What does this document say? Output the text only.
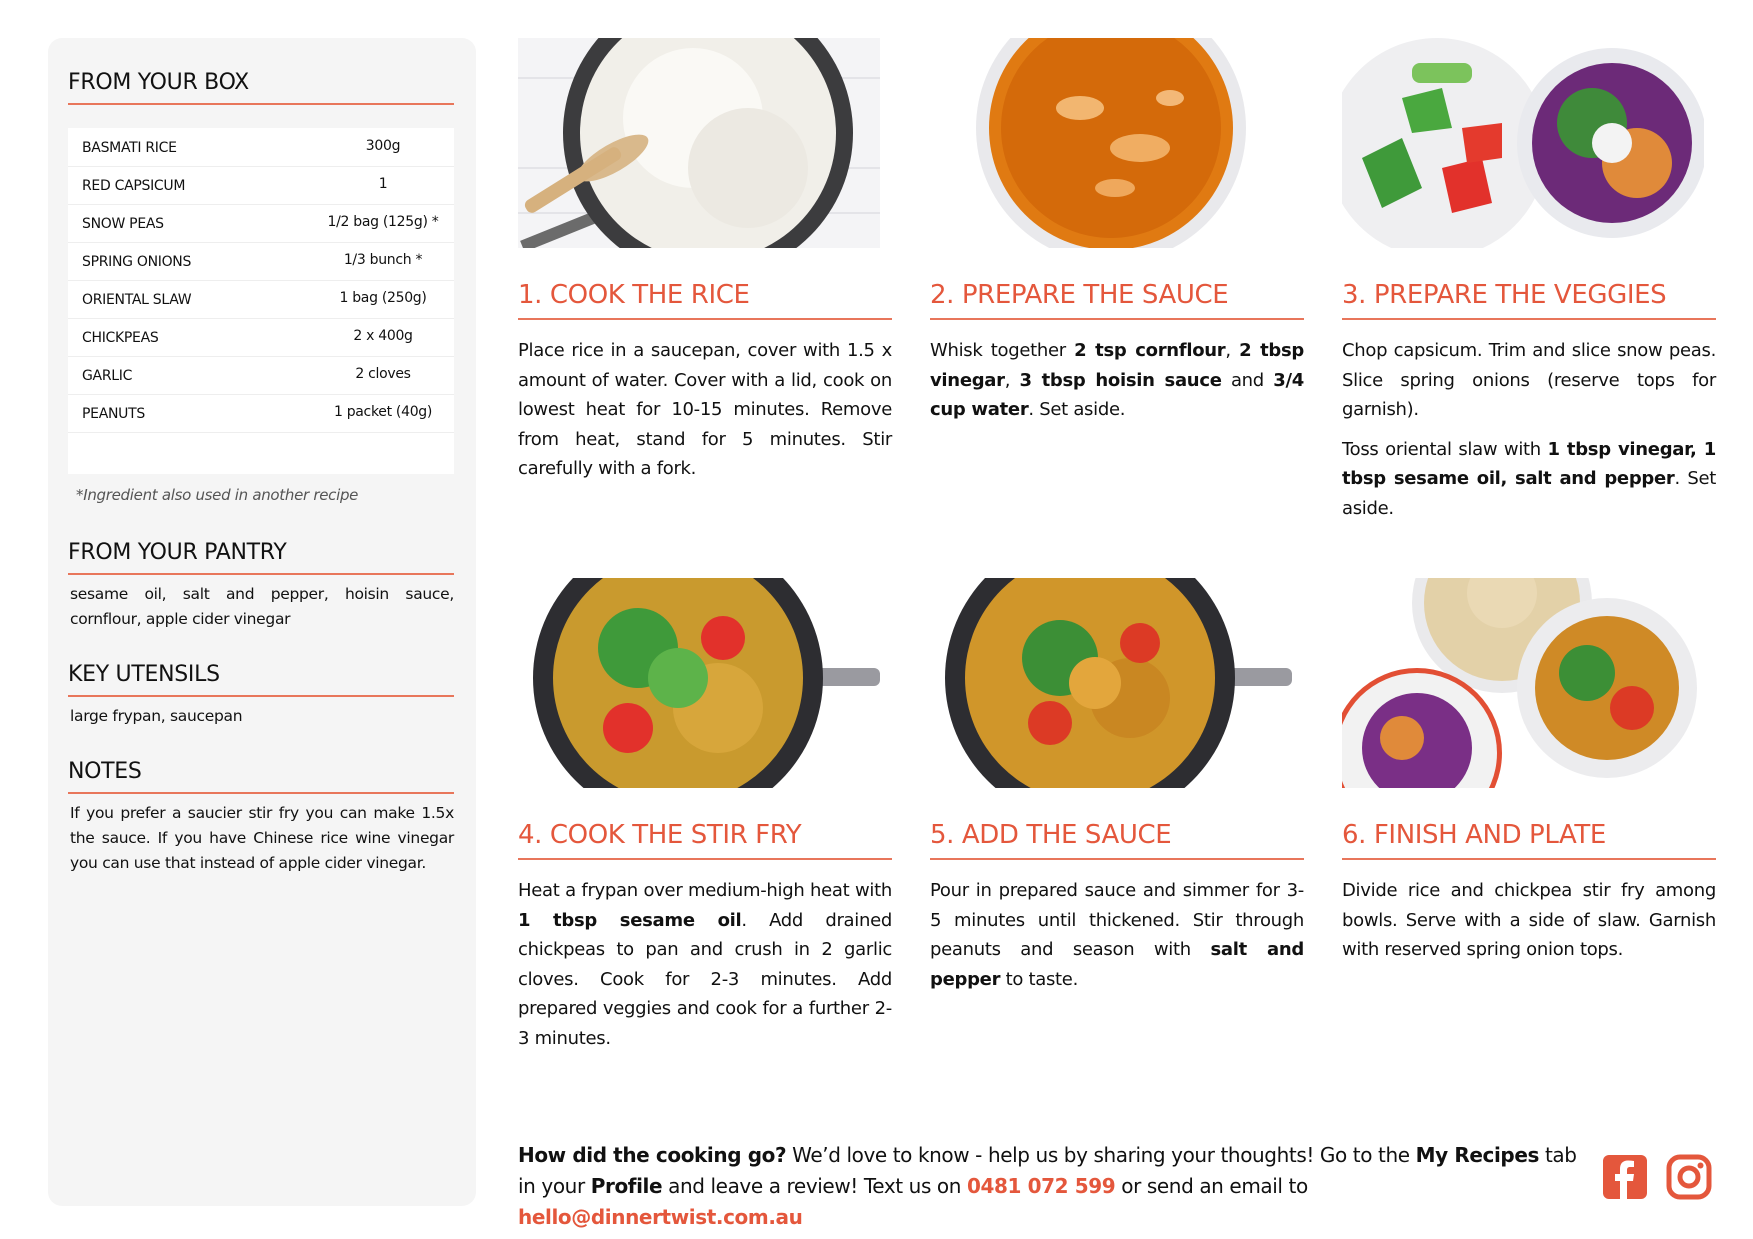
FROM YOUR BOX
BASMATI RICE	300g
RED CAPSICUM	1
SNOW PEAS	1/2 bag (125g) *
SPRING ONIONS	1/3 bunch *
ORIENTAL SLAW	1 bag (250g)
CHICKPEAS	2 x 400g
GARLIC	2 cloves
PEANUTS	1 packet (40g)
*Ingredient also used in another recipe
FROM YOUR PANTRY
sesame oil, salt and pepper, hoisin sauce, cornflour, apple cider vinegar
KEY UTENSILS
large frypan, saucepan
NOTES
If you prefer a saucier stir fry you can make 1.5x the sauce. If you have Chinese rice wine vinegar you can use that instead of apple cider vinegar.
1. COOK THE RICE	2. PREPARE THE SAUCE	3. PREPARE THE VEGGIES
4. COOK THE STIR FRY	5. ADD THE SAUCE	6. FINISH AND PLATE

Place rice in a saucepan, cover with 1.5 x amount of water. Cover with a lid, cook on lowest heat for 10-15 minutes. Remove from heat, stand for 5 minutes. Stir carefully with a fork.

Whisk together 2 tsp cornflour, 2 tbsp vinegar, 3 tbsp hoisin sauce and 3/4 cup water. Set aside.

Chop capsicum. Trim and slice snow peas. Slice spring onions (reserve tops for garnish).

Toss oriental slaw with 1 tbsp vinegar, 1 tbsp sesame oil, salt and pepper. Set aside.

Heat a frypan over medium-high heat with 1 tbsp sesame oil. Add drained chickpeas to pan and crush in 2 garlic cloves. Cook for 2-3 minutes. Add prepared veggies and cook for a further 2-3 minutes.

Pour in prepared sauce and simmer for 3-5 minutes until thickened. Stir through peanuts and season with salt and pepper to taste.

Divide rice and chickpea stir fry among bowls. Serve with a side of slaw. Garnish with reserved spring onion tops.

How did the cooking go? We’d love to know - help us by sharing your thoughts! Go to the My Recipes tab in your Profile and leave a review! Text us on 0481 072 599 or send an email to hello@dinnertwist.com.au
